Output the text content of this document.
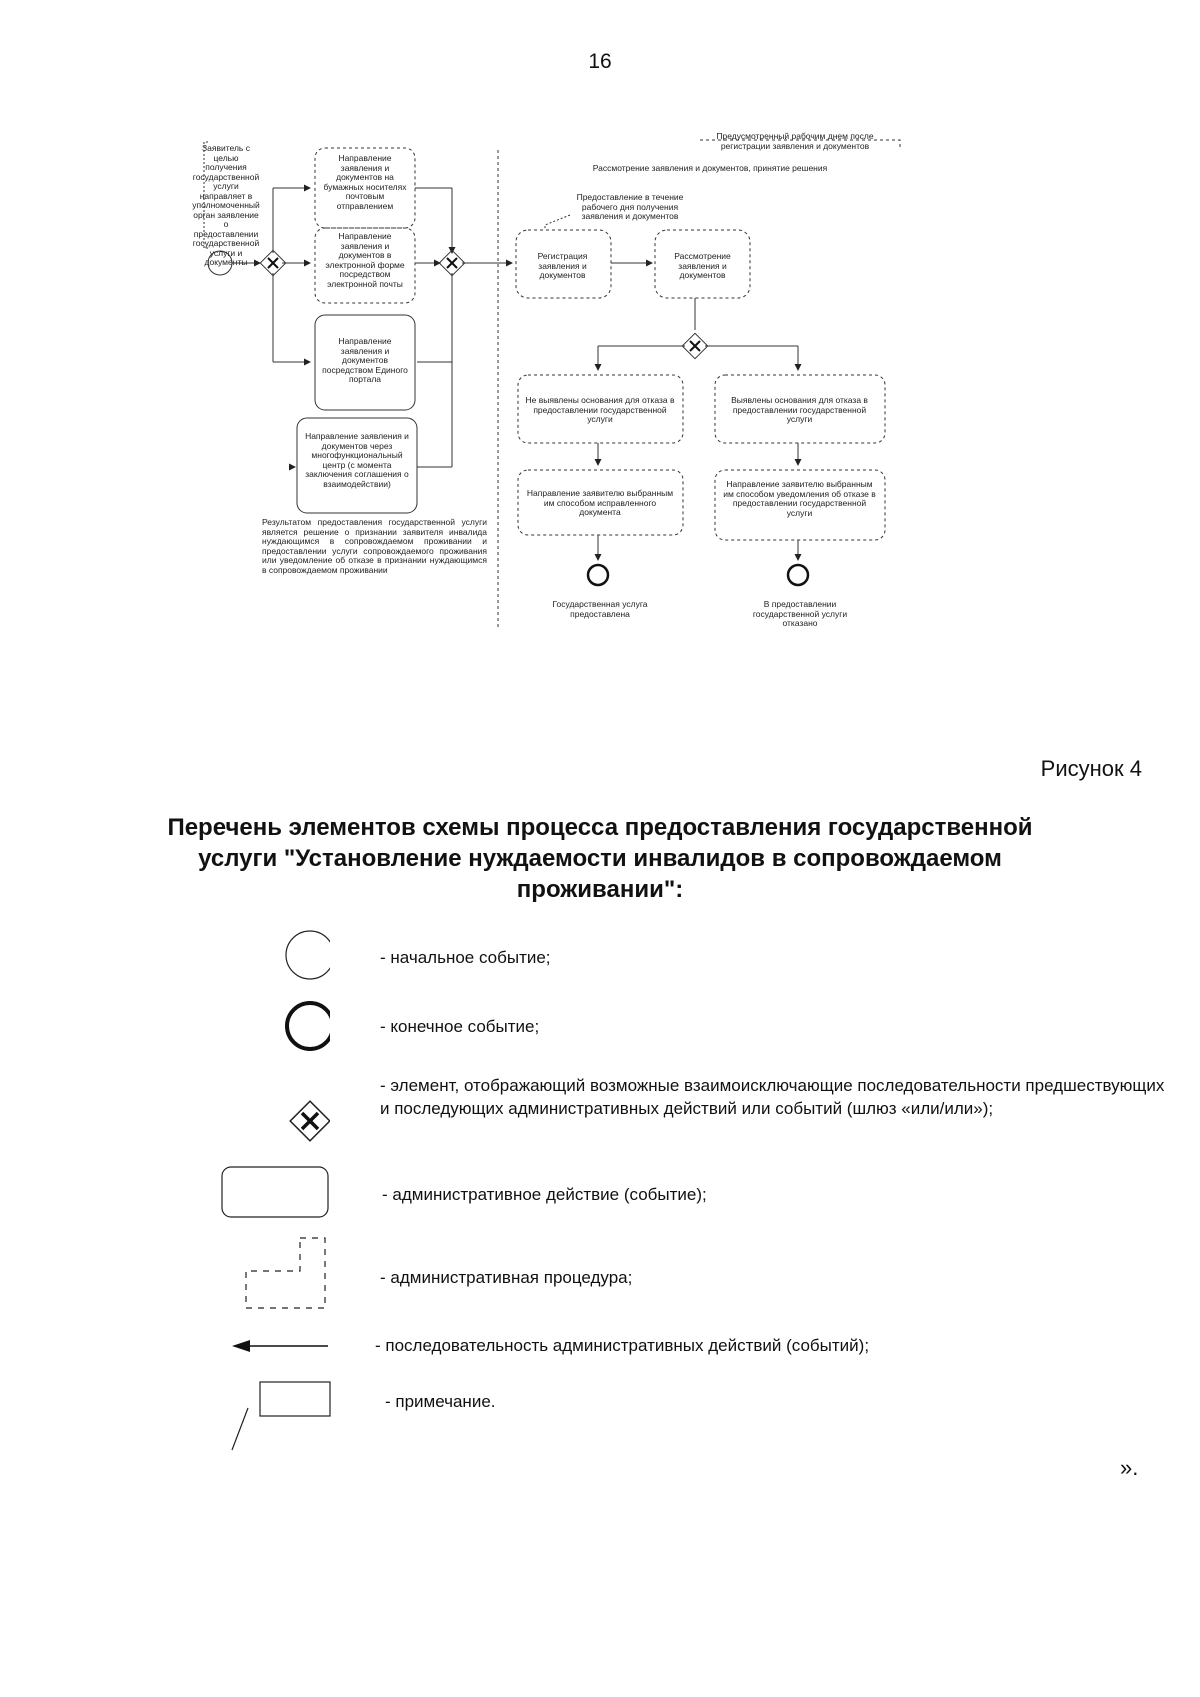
16
Предусмотренный рабочим днем после регистрации заявления и документов
Рассмотрение заявления и документов, принятие решения
Заявитель с целью получения государственной услуги направляет в уполномоченный орган заявление о предоставлении государственной услуги и документы
Направление заявления и документов на бумажных носителях почтовым отправлением
Направление заявления и документов в электронной форме посредством электронной почты
Направление заявления и документов посредством Единого портала
Направление заявления и документов через многофункциональный центр (с момента заключения соглашения о взаимодействии)
Регистрация заявления и документов
Рассмотрение заявления и документов
Предоставление в течение рабочего дня получения заявления и документов
Не выявлены основания для отказа в предоставлении государственной услуги
Выявлены основания для отказа в предоставлении государственной услуги
Направление заявителю выбранным им способом исправленного документа
Направление заявителю выбранным им способом уведомления об отказе в предоставлении государственной услуги
Государственная услуга предоставлена
В предоставлении государственной услуги отказано
Результатом предоставления государственной услуги является решение о признании заявителя инвалида нуждающимся в сопровождаемом проживании и предоставлении услуги сопровождаемого проживания или уведомление об отказе в признании нуждающимся в сопровождаемом проживании
Рисунок 4
Перечень элементов схемы процесса предоставления государственной услуги "Установление нуждаемости инвалидов в сопровождаемом проживании":
- начальное событие;
- конечное событие;
- элемент, отображающий возможные взаимоисключающие последовательности предшествующих и последующих административных действий или событий (шлюз «или/или»);
- административное действие (событие);
- административная процедура;
- последовательность административных действий (событий);
- примечание.
».
